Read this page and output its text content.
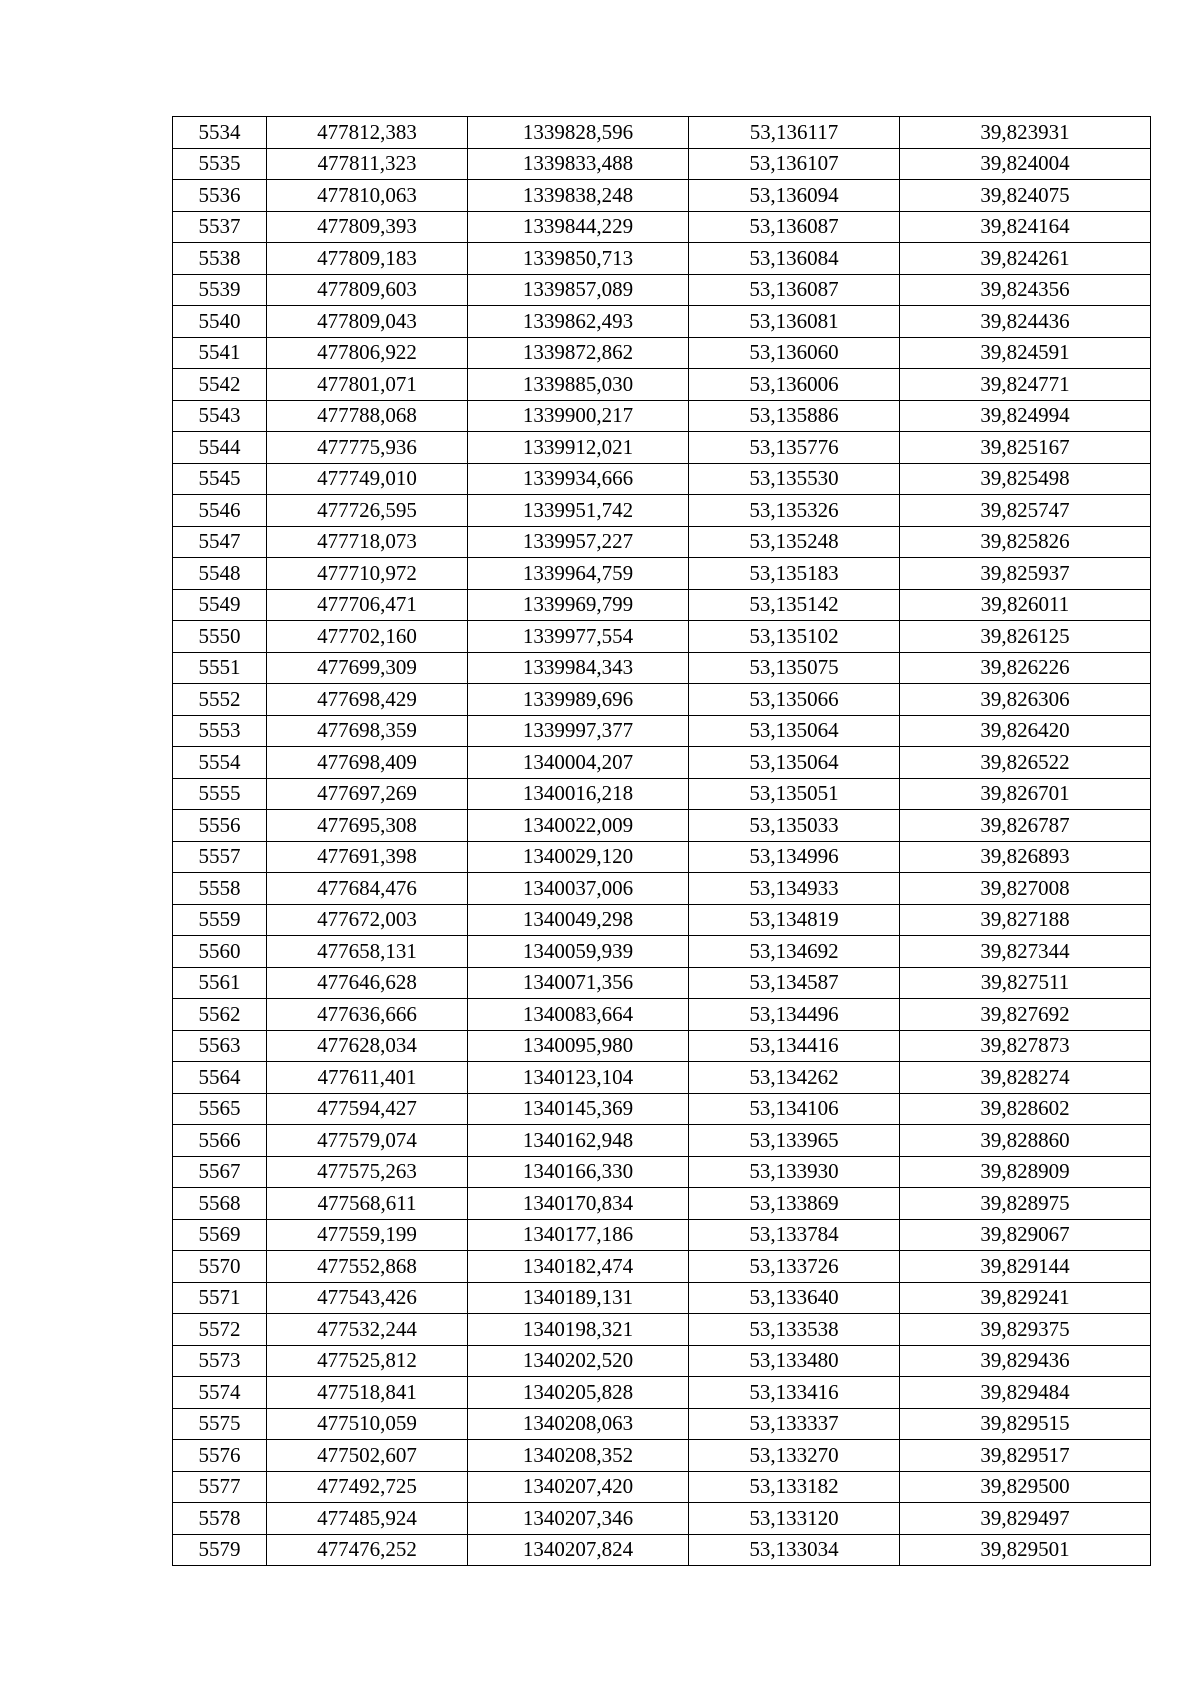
5534	477812,383	1339828,596	53,136117	39,823931
5535	477811,323	1339833,488	53,136107	39,824004
5536	477810,063	1339838,248	53,136094	39,824075
5537	477809,393	1339844,229	53,136087	39,824164
5538	477809,183	1339850,713	53,136084	39,824261
5539	477809,603	1339857,089	53,136087	39,824356
5540	477809,043	1339862,493	53,136081	39,824436
5541	477806,922	1339872,862	53,136060	39,824591
5542	477801,071	1339885,030	53,136006	39,824771
5543	477788,068	1339900,217	53,135886	39,824994
5544	477775,936	1339912,021	53,135776	39,825167
5545	477749,010	1339934,666	53,135530	39,825498
5546	477726,595	1339951,742	53,135326	39,825747
5547	477718,073	1339957,227	53,135248	39,825826
5548	477710,972	1339964,759	53,135183	39,825937
5549	477706,471	1339969,799	53,135142	39,826011
5550	477702,160	1339977,554	53,135102	39,826125
5551	477699,309	1339984,343	53,135075	39,826226
5552	477698,429	1339989,696	53,135066	39,826306
5553	477698,359	1339997,377	53,135064	39,826420
5554	477698,409	1340004,207	53,135064	39,826522
5555	477697,269	1340016,218	53,135051	39,826701
5556	477695,308	1340022,009	53,135033	39,826787
5557	477691,398	1340029,120	53,134996	39,826893
5558	477684,476	1340037,006	53,134933	39,827008
5559	477672,003	1340049,298	53,134819	39,827188
5560	477658,131	1340059,939	53,134692	39,827344
5561	477646,628	1340071,356	53,134587	39,827511
5562	477636,666	1340083,664	53,134496	39,827692
5563	477628,034	1340095,980	53,134416	39,827873
5564	477611,401	1340123,104	53,134262	39,828274
5565	477594,427	1340145,369	53,134106	39,828602
5566	477579,074	1340162,948	53,133965	39,828860
5567	477575,263	1340166,330	53,133930	39,828909
5568	477568,611	1340170,834	53,133869	39,828975
5569	477559,199	1340177,186	53,133784	39,829067
5570	477552,868	1340182,474	53,133726	39,829144
5571	477543,426	1340189,131	53,133640	39,829241
5572	477532,244	1340198,321	53,133538	39,829375
5573	477525,812	1340202,520	53,133480	39,829436
5574	477518,841	1340205,828	53,133416	39,829484
5575	477510,059	1340208,063	53,133337	39,829515
5576	477502,607	1340208,352	53,133270	39,829517
5577	477492,725	1340207,420	53,133182	39,829500
5578	477485,924	1340207,346	53,133120	39,829497
5579	477476,252	1340207,824	53,133034	39,829501
